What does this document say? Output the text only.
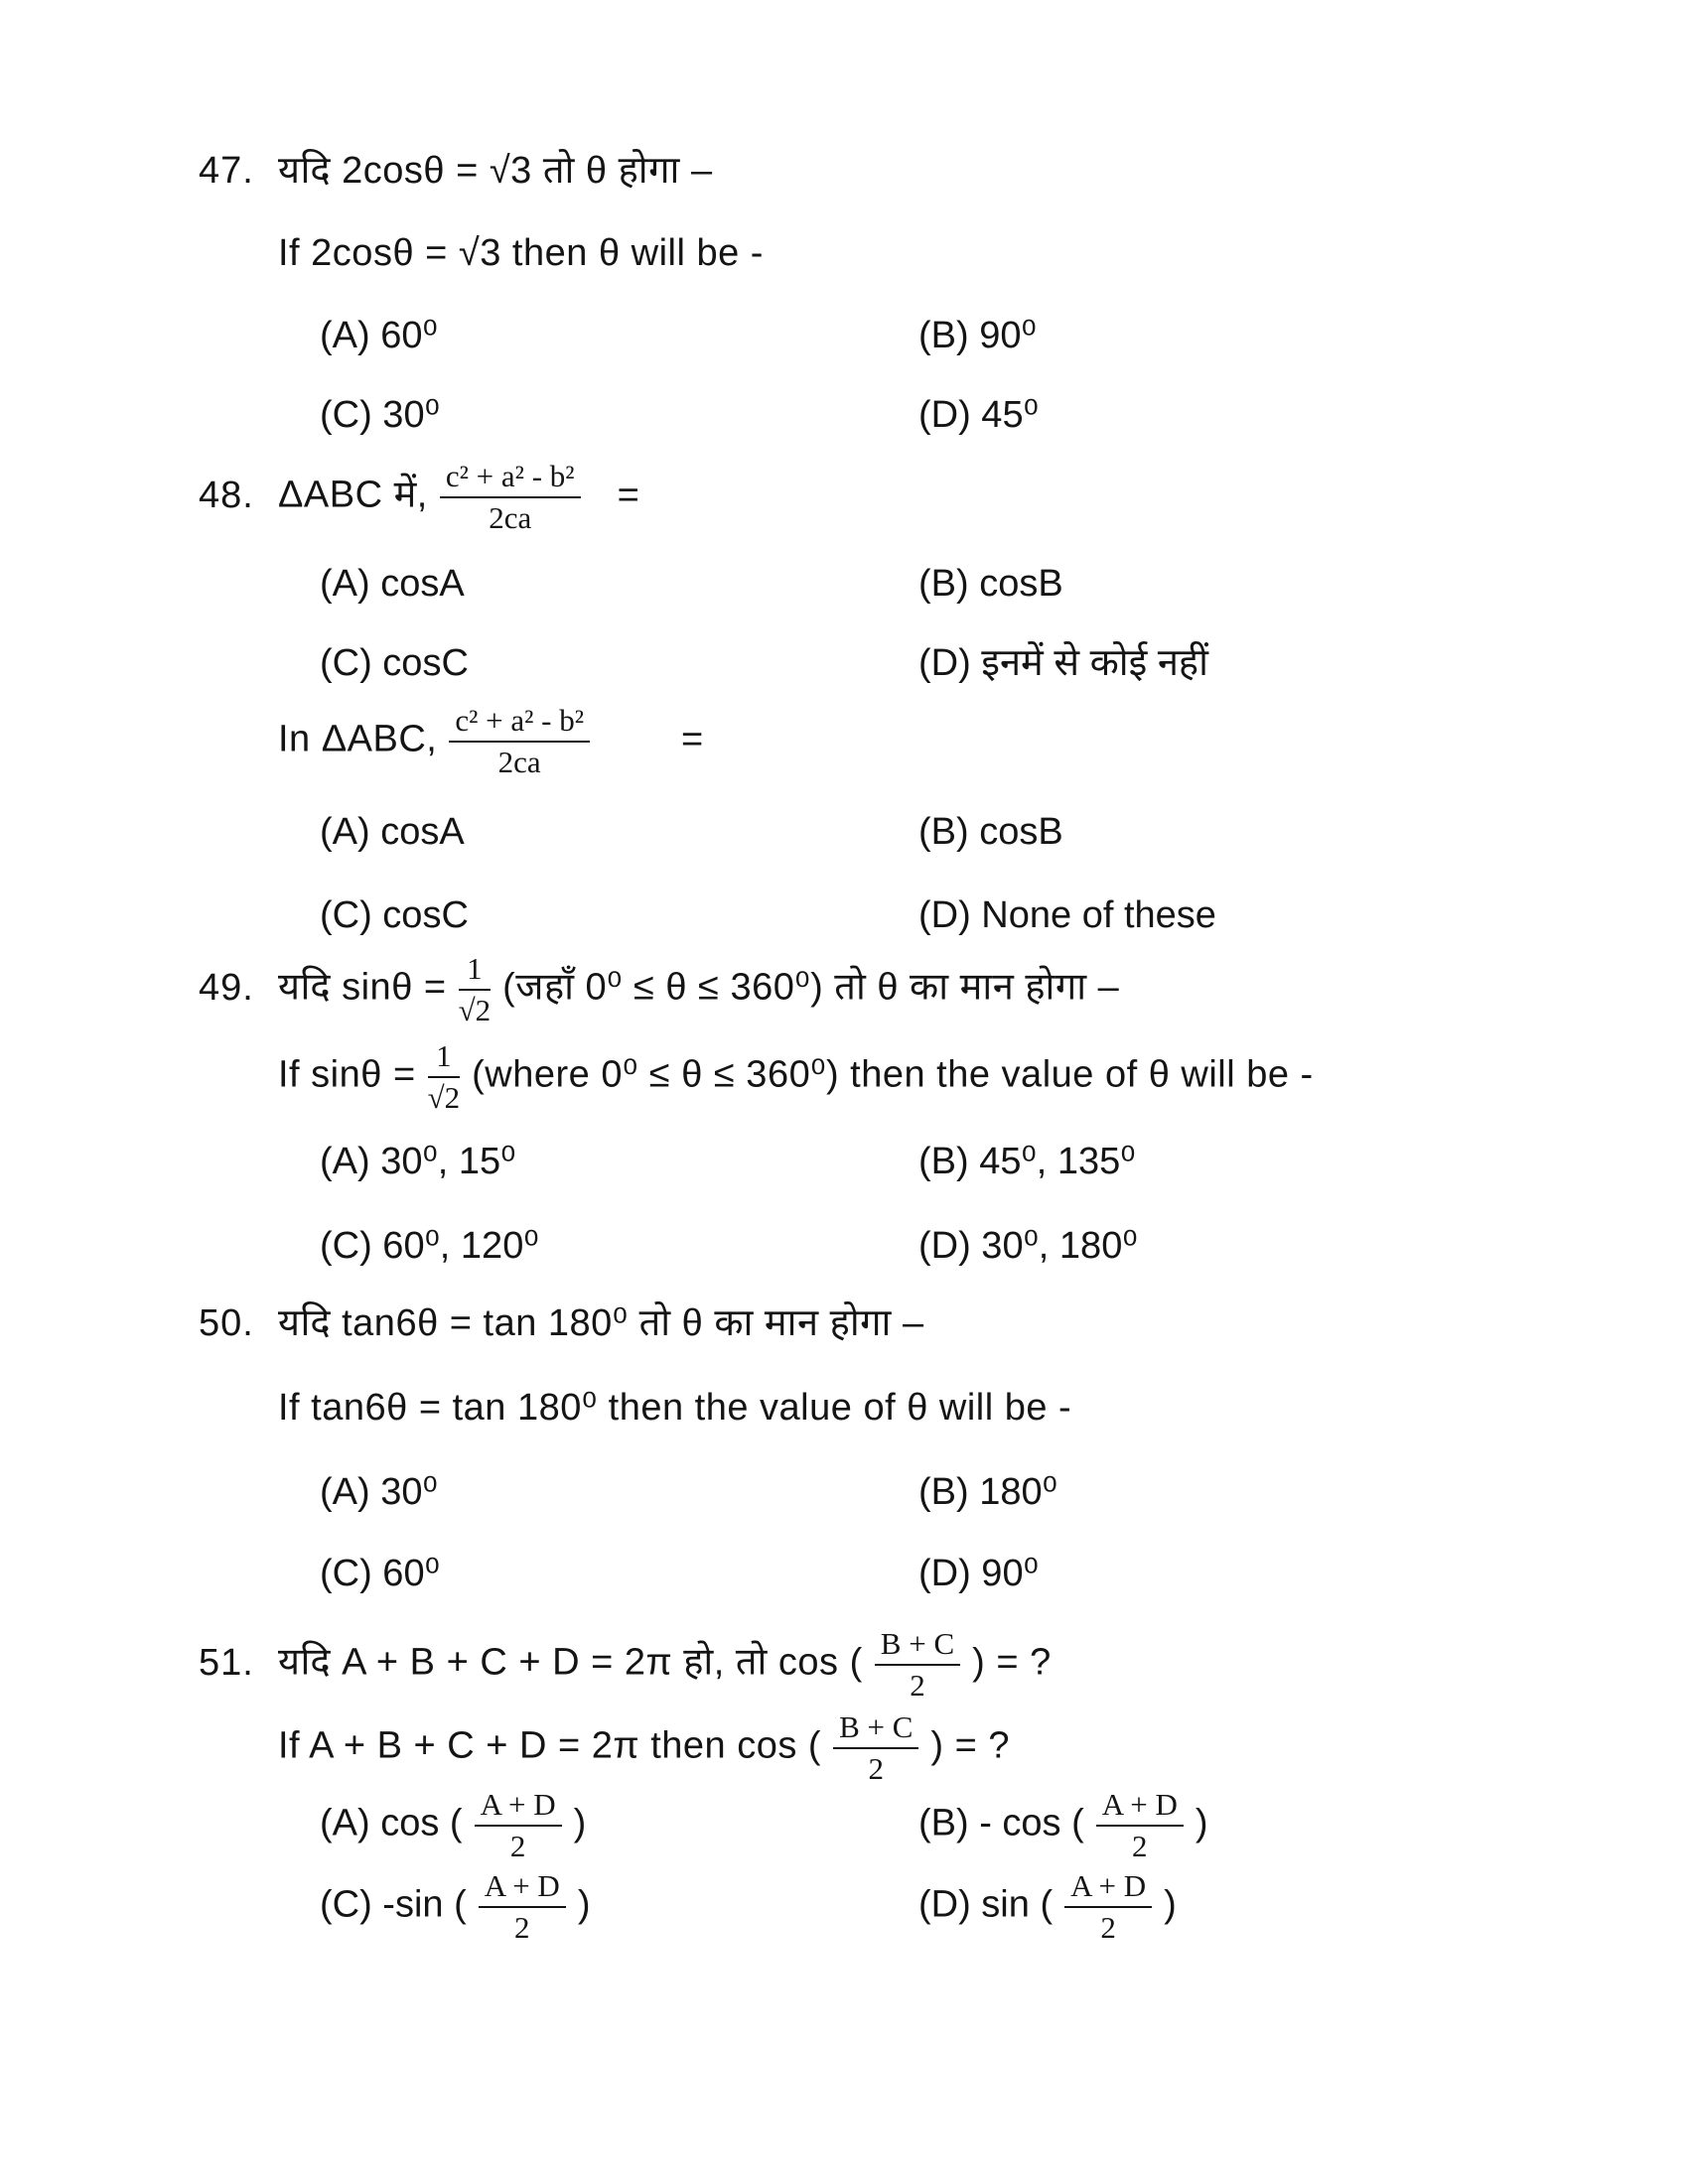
47. यदि 2cosθ = √3 तो θ होगा –
If 2cosθ = √3 then θ will be -
(A) 60⁰	(B) 90⁰
(C) 30⁰	(D) 45⁰
48. ΔABC में, $\frac{\text{c² + a² - b²}}{2ca}$ =
(A) cosA	(B) cosB
(C) cosC	(D) इनमें से कोई नहीं
In ΔABC, $\frac{\text{c² + a² - b²}}{2ca}$ =
(A) cosA	(B) cosB
(C) cosC	(D) None of these
49. यदि $\sin\theta = \frac{1}{√2}$ (जहाँ 0⁰ ≤ θ ≤ 360⁰) तो θ का मान होगा –
If $\sin\theta = \frac{1}{√2}$ (where 0⁰ ≤ θ ≤ 360⁰) then the value of θ will be -
(A) 30⁰, 15⁰	(B) 45⁰, 135⁰
(C) 60⁰, 120⁰	(D) 30⁰, 180⁰
50. यदि tan6θ = tan 180⁰ तो θ का मान होगा –
If tan6θ = tan 180⁰ then the value of θ will be -
(A) 30⁰	(B) 180⁰
(C) 60⁰	(D) 90⁰
51. यदि A + B + C + D = 2π हो, तो cos ( $\frac{B + C}{2}$ ) = ?
If A + B + C + D = 2π then cos ( $\frac{B + C}{2}$ ) = ?
(A) cos ( $\frac{A + D}{2}$ )	(B) - cos ( $\frac{A + D}{2}$ )
(C) -sin ( $\frac{A + D}{2}$ )	(D) sin ( $\frac{A + D}{2}$ )
